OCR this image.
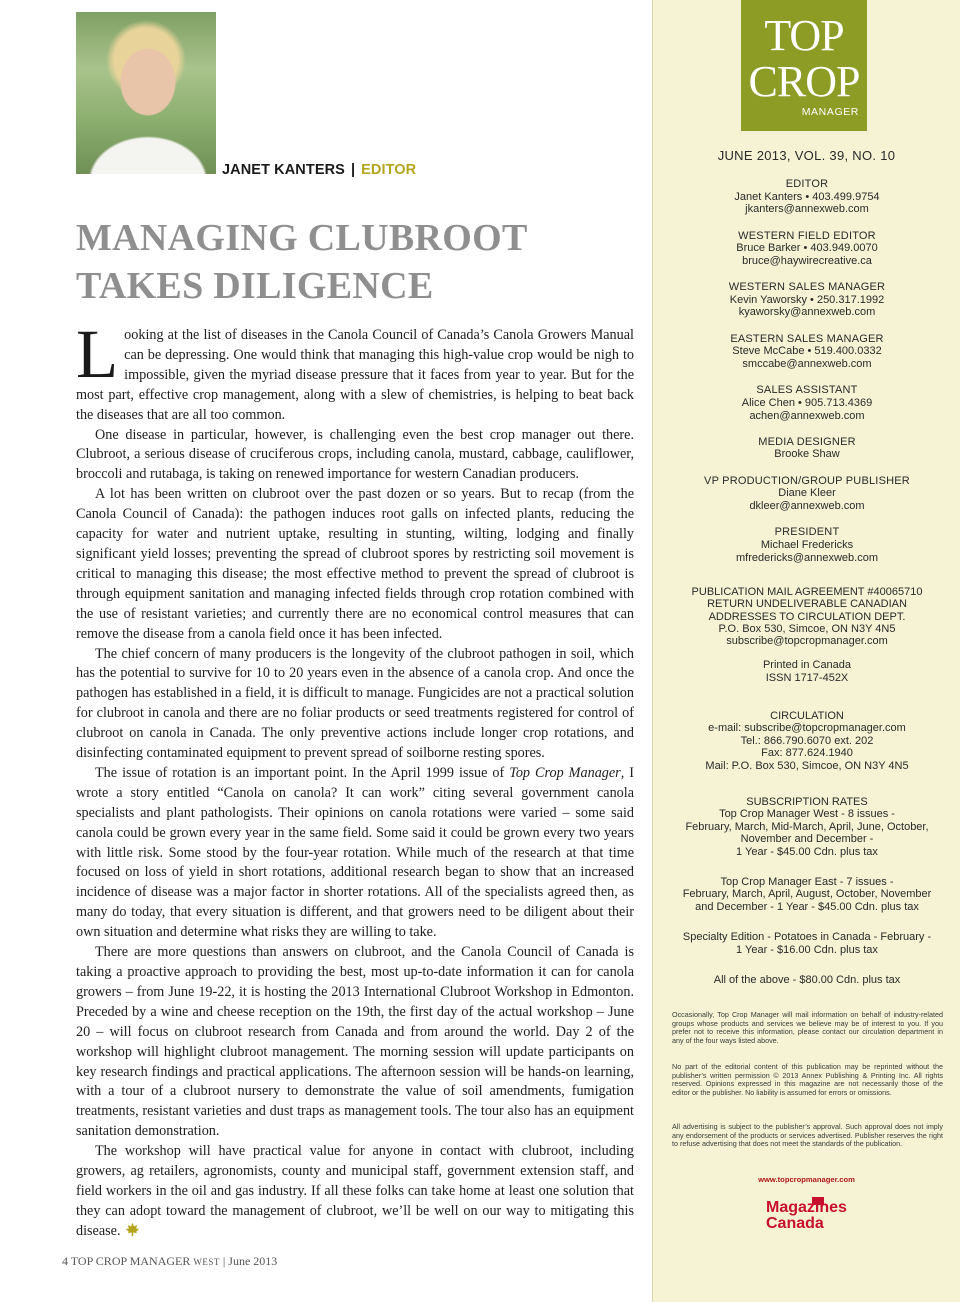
JANET KANTERS | EDITOR
MANAGING CLUBROOT
TAKES DILIGENCE

Looking at the list of diseases in the Canola Council of Canada’s Canola Growers Manual can be depressing. One would think that managing this high-value crop would be nigh to impossible, given the myriad disease pressure that it faces from year to year. But for the most part, effective crop management, along with a slew of chemistries, is helping to beat back the diseases that are all too common.

One disease in particular, however, is challenging even the best crop manager out there. Clubroot, a serious disease of cruciferous crops, including canola, mustard, cabbage, cauliflower, broccoli and rutabaga, is taking on renewed importance for western Canadian producers.

A lot has been written on clubroot over the past dozen or so years. But to recap (from the Canola Council of Canada): the pathogen induces root galls on infected plants, reducing the capacity for water and nutrient uptake, resulting in stunting, wilting, lodging and finally significant yield losses; preventing the spread of clubroot spores by restricting soil movement is critical to managing this disease; the most effective method to prevent the spread of clubroot is through equipment sanitation and managing infected fields through crop rotation combined with the use of resistant varieties; and currently there are no economical control measures that can remove the disease from a canola field once it has been infected.

The chief concern of many producers is the longevity of the clubroot pathogen in soil, which has the potential to survive for 10 to 20 years even in the absence of a canola crop. And once the pathogen has established in a field, it is difficult to manage. Fungicides are not a practical solution for clubroot in canola and there are no foliar products or seed treatments registered for control of clubroot on canola in Canada. The only preventive actions include longer crop rotations, and disinfecting contaminated equipment to prevent spread of soilborne resting spores.

The issue of rotation is an important point. In the April 1999 issue of Top Crop Manager, I wrote a story entitled “Canola on canola? It can work” citing several government canola specialists and plant pathologists. Their opinions on canola rotations were varied – some said canola could be grown every year in the same field. Some said it could be grown every two years with little risk. Some stood by the four-year rotation. While much of the research at that time focused on loss of yield in short rotations, additional research began to show that an increased incidence of disease was a major factor in shorter rotations. All of the specialists agreed then, as many do today, that every situation is different, and that growers need to be diligent about their own situation and determine what risks they are willing to take.

There are more questions than answers on clubroot, and the Canola Council of Canada is taking a proactive approach to providing the best, most up-to-date information it can for canola growers – from June 19-22, it is hosting the 2013 International Clubroot Workshop in Edmonton. Preceded by a wine and cheese reception on the 19th, the first day of the actual workshop – June 20 – will focus on clubroot research from Canada and from around the world. Day 2 of the workshop will highlight clubroot management. The morning session will update participants on key research findings and practical applications. The afternoon session will be hands-on learning, with a tour of a clubroot nursery to demonstrate the value of soil amendments, fumigation treatments, resistant varieties and dust traps as management tools. The tour also has an equipment sanitation demonstration.

The workshop will have practical value for anyone in contact with clubroot, including growers, ag retailers, agronomists, county and municipal staff, government extension staff, and field workers in the oil and gas industry. If all these folks can take home at least one solution that they can adopt toward the management of clubroot, we’ll be well on our way to mitigating this disease.

4 TOP CROP MANAGER WEST | June 2013
TOP
CROP
MANAGER
JUNE 2013, VOL. 39, NO. 10
EDITOR
Janet Kanters • 403.499.9754
jkanters@annexweb.com
WESTERN FIELD EDITOR
Bruce Barker • 403.949.0070
bruce@haywirecreative.ca
WESTERN SALES MANAGER
Kevin Yaworsky • 250.317.1992
kyaworsky@annexweb.com
EASTERN SALES MANAGER
Steve McCabe • 519.400.0332
smccabe@annexweb.com
SALES ASSISTANT
Alice Chen • 905.713.4369
achen@annexweb.com
MEDIA DESIGNER
Brooke Shaw
VP PRODUCTION/GROUP PUBLISHER
Diane Kleer
dkleer@annexweb.com
PRESIDENT
Michael Fredericks
mfredericks@annexweb.com
PUBLICATION MAIL AGREEMENT #40065710
RETURN UNDELIVERABLE CANADIAN
ADDRESSES TO CIRCULATION DEPT.
P.O. Box 530, Simcoe, ON N3Y 4N5
subscribe@topcropmanager.com
Printed in Canada
ISSN 1717-452X
CIRCULATION
e-mail: subscribe@topcropmanager.com
Tel.: 866.790.6070 ext. 202
Fax: 877.624.1940
Mail: P.O. Box 530, Simcoe, ON N3Y 4N5
SUBSCRIPTION RATES
Top Crop Manager West - 8 issues -
February, March, Mid-March, April, June, October,
November and December -
1 Year - $45.00 Cdn. plus tax
Top Crop Manager East - 7 issues -
February, March, April, August, October, November
and December - 1 Year - $45.00 Cdn. plus tax
Specialty Edition - Potatoes in Canada - February -
1 Year - $16.00 Cdn. plus tax
All of the above - $80.00 Cdn. plus tax
Occasionally, Top Crop Manager will mail information on behalf of industry-related groups whose products and services we believe may be of interest to you. If you prefer not to receive this information, please contact our circulation department in any of the four ways listed above.
No part of the editorial content of this publication may be reprinted without the publisher’s written permission © 2013 Annex Publishing & Printing Inc. All rights reserved. Opinions expressed in this magazine are not necessarily those of the editor or the publisher. No liability is assumed for errors or omissions.
All advertising is subject to the publisher’s approval. Such approval does not imply any endorsement of the products or services advertised. Publisher reserves the right to refuse advertising that does not meet the standards of the publication.
www.topcropmanager.com
Magazines
Canada
